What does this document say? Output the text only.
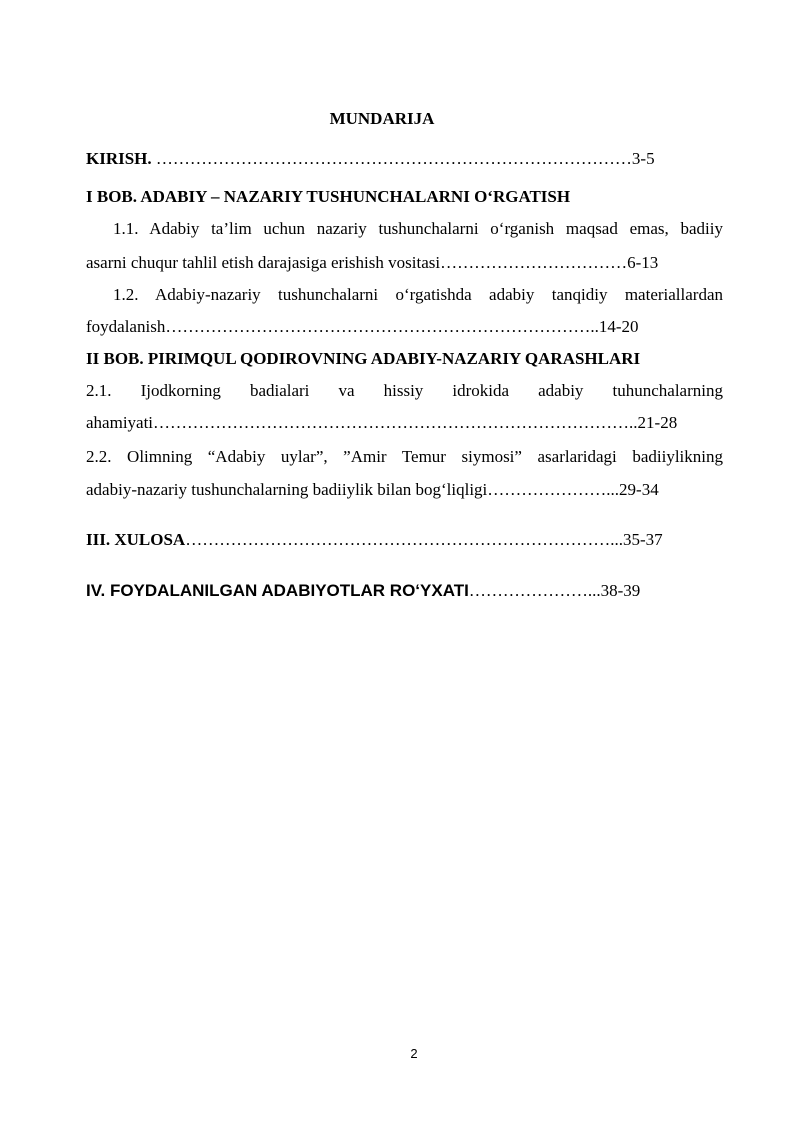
MUNDARIJA
KIRISH. …………………………………………………………………………3-5
I BOB. ADABIY – NAZARIY TUSHUNCHALARNI O‘RGATISH
1.1. Adabiy ta’lim uchun nazariy tushunchalarni o‘rganish maqsad emas, badiiy
asarni chuqur tahlil etish darajasiga erishish vositasi……………………………6-13
1.2. Adabiy-nazariy tushunchalarni o‘rgatishda adabiy tanqidiy materiallardan
foydalanish…………………………………………………………………..14-20
II BOB. PIRIMQUL QODIROVNING ADABIY-NAZARIY QARASHLARI
2.1. Ijodkorning badialari va hissiy idrokida adabiy tuhunchalarning
ahamiyati…………………………………………………………………………..21-28
2.2. Olimning “Adabiy uylar”, ”Amir Temur siymosi” asarlaridagi badiiylikning
adabiy-nazariy tushunchalarning badiiylik bilan bog‘liqligi…………………...29-34
III. XULOSA…………………………………………………………………...35-37
IV. FOYDALANILGAN ADABIYOTLAR RO‘YXATI…………………...38-39
2
